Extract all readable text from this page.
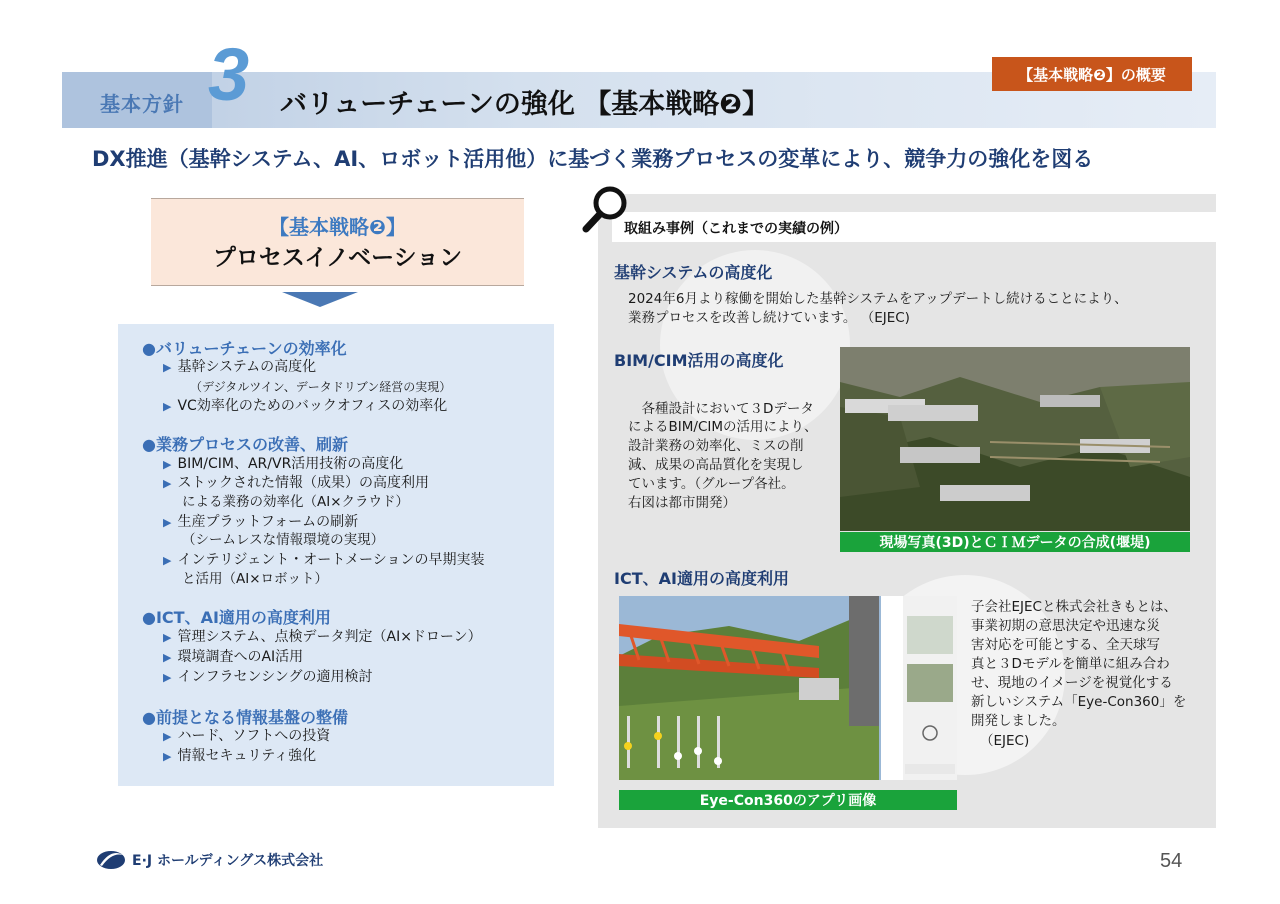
基本方針 3 バリューチェーンの強化 【基本戦略❷】
【基本戦略❷】の概要
DX推進（基幹システム、AI、ロボット活用他）に基づく業務プロセスの変革により、競争力の強化を図る
【基本戦略❷】
プロセスイノベーション
●バリューチェーンの効率化
▶ 基幹システムの高度化
（デジタルツイン、データドリブン経営の実現）
▶ VC効率化のためのバックオフィスの効率化
●業務プロセスの改善、刷新
▶ BIM/CIM、AR/VR活用技術の高度化
▶ ストックされた情報（成果）の高度利用
による業務の効率化（AI×クラウド）
▶ 生産プラットフォームの刷新
（シームレスな情報環境の実現）
▶ インテリジェント・オートメーションの早期実装
と活用（AI×ロボット）
●ICT、AI適用の高度利用
▶ 管理システム、点検データ判定（AI×ドローン）
▶ 環境調査へのAI活用
▶ インフラセンシングの適用検討
●前提となる情報基盤の整備
▶ ハード、ソフトへの投資
▶ 情報セキュリティ強化
取組み事例（これまでの実績の例）
基幹システムの高度化
2024年6月より稼働を開始した基幹システムをアップデートし続けることにより、
業務プロセスを改善し続けています。 （EJEC)
BIM/CIM活用の高度化
　各種設計において３Dデータ
によるBIM/CIMの活用により、
設計業務の効率化、ミスの削
減、成果の高品質化を実現し
ています。（グループ各社。
右図は都市開発）
現場写真(3D)とＣＩＭデータの合成(堰堤)
ICT、AI適用の高度利用
Eye-Con360のアプリ画像
子会社EJECと株式会社きもとは、
事業初期の意思決定や迅速な災
害対応を可能とする、全天球写
真と３Dモデルを簡単に組み合わ
せ、現地のイメージを視覚化する
新しいシステム「Eye-Con360」を
開発しました。
（EJEC)
E·J ホールディングス株式会社	54
